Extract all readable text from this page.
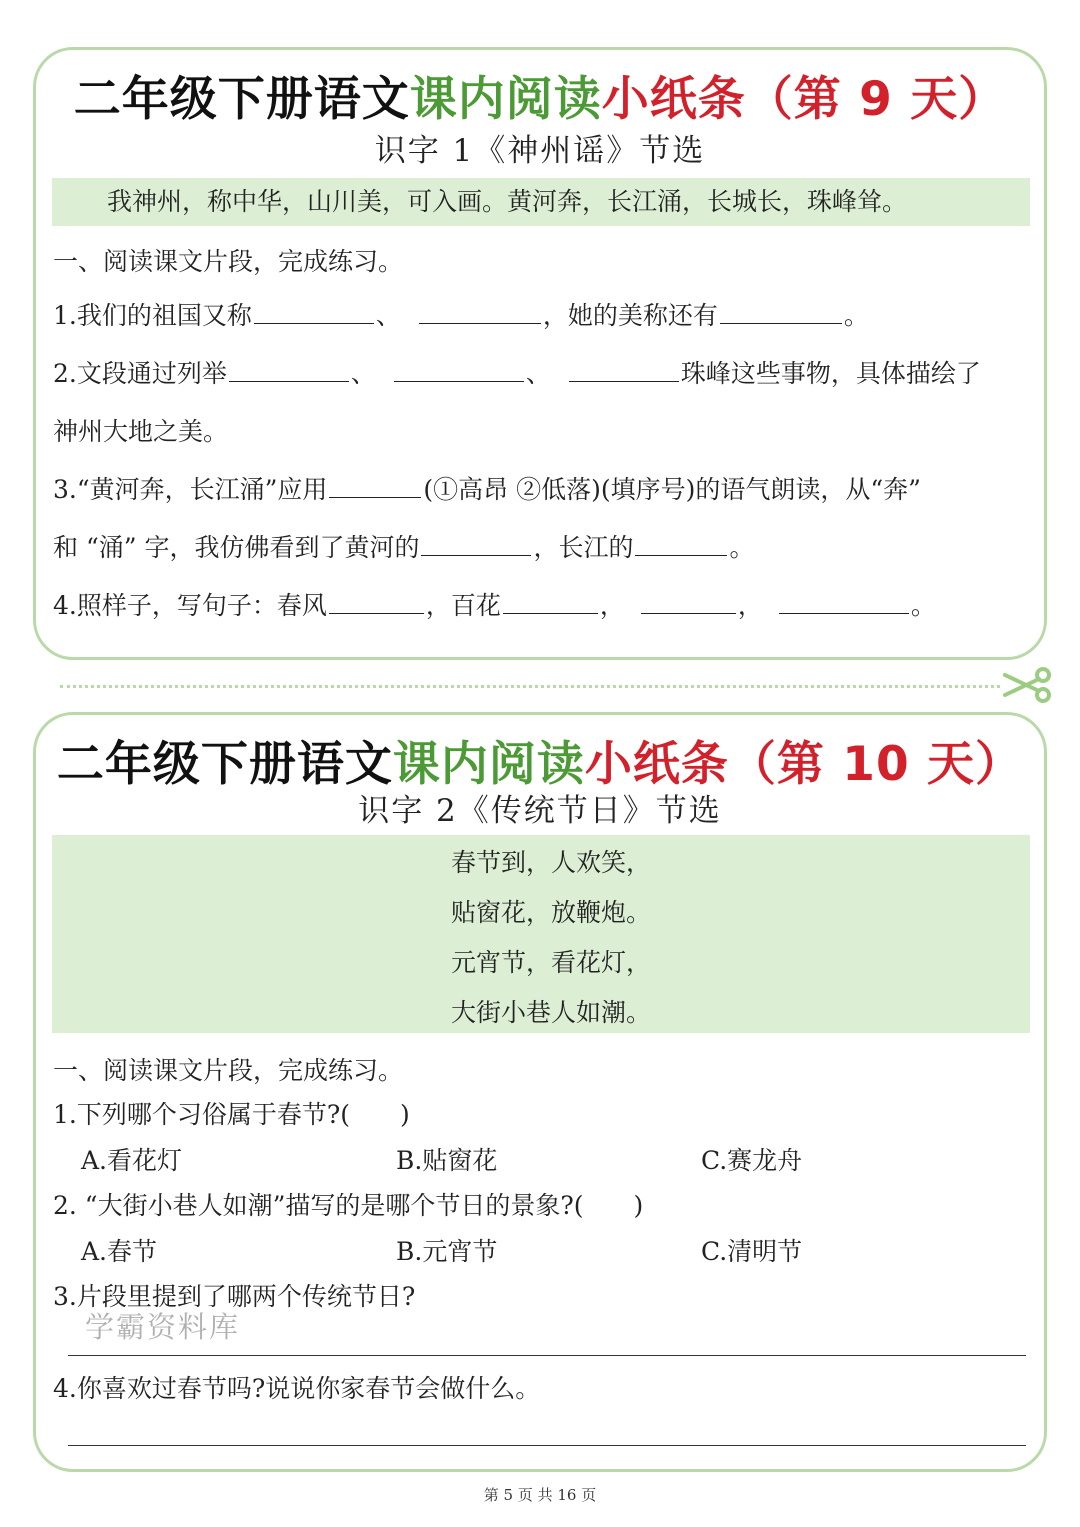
二年级下册语文课内阅读小纸条（第 9 天）
识字 1《神州谣》节选
我神州，称中华，山川美，可入画。黄河奔，长江涌，长城长，珠峰耸。
一、阅读课文片段，完成练习。
1.我们的祖国又称	、	，她的美称还有	。
2.文段通过列举	、	、	珠峰这些事物，具体描绘了
神州大地之美。
3.“黄河奔，长江涌”应用	(①高昂 ②低落)(填序号)的语气朗读，从“奔”
和 “涌” 字，我仿佛看到了黄河的	，长江的	。
4.照样子，写句子：春风	，百花	，	，	。
二年级下册语文课内阅读小纸条（第 10 天）
识字 2《传统节日》节选
春节到，人欢笑，
贴窗花，放鞭炮。
元宵节，看花灯，
大街小巷人如潮。
一、阅读课文片段，完成练习。
1.下列哪个习俗属于春节?(　　)
A.看花灯	B.贴窗花	C.赛龙舟
2. “大街小巷人如潮”描写的是哪个节日的景象?(　　)
A.春节	B.元宵节	C.清明节
3.片段里提到了哪两个传统节日?
4.你喜欢过春节吗?说说你家春节会做什么。
学霸资料库
第 5 页 共 16 页
